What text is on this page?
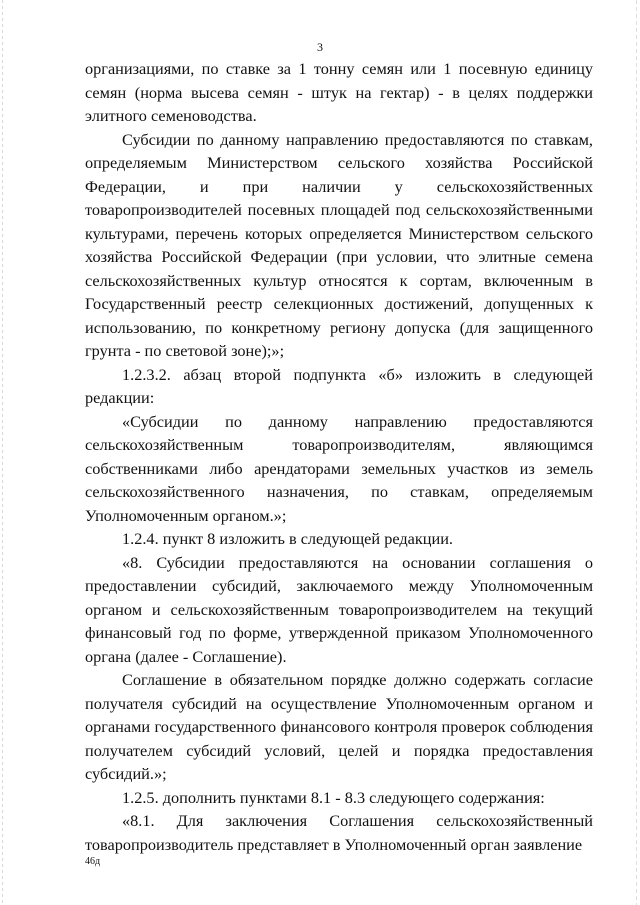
3

организациями, по ставке за 1 тонну семян или 1 посевную единицу семян (норма высева семян - штук на гектар) - в целях поддержки элитного семеноводства.

Субсидии по данному направлению предоставляются по ставкам, определяемым Министерством сельского хозяйства Российской Федерации, и при наличии у сельскохозяйственных товаропроизводителей посевных площадей под сельскохозяйственными культурами, перечень которых определяется Министерством сельского хозяйства Российской Федерации (при условии, что элитные семена сельскохозяйственных культур относятся к сортам, включенным в Государственный реестр селекционных достижений, допущенных к использованию, по конкретному региону допуска (для защищенного грунта - по световой зоне);»;

1.2.3.2. абзац второй подпункта «б» изложить в следующей редакции:

«Субсидии по данному направлению предоставляются сельскохозяйственным товаропроизводителям, являющимся собственниками либо арендаторами земельных участков из земель сельскохозяйственного назначения, по ставкам, определяемым Уполномоченным органом.»;

1.2.4. пункт 8 изложить в следующей редакции.

«8. Субсидии предоставляются на основании соглашения о предоставлении субсидий, заключаемого между Уполномоченным органом и сельскохозяйственным товаропроизводителем на текущий финансовый год по форме, утвержденной приказом Уполномоченного органа (далее - Соглашение).

Соглашение в обязательном порядке должно содержать согласие получателя субсидий на осуществление Уполномоченным органом и органами государственного финансового контроля проверок соблюдения получателем субсидий условий, целей и порядка предоставления субсидий.»;

1.2.5. дополнить пунктами 8.1 - 8.3 следующего содержания:

«8.1. Для заключения Соглашения сельскохозяйственный товаропроизводитель представляет в Уполномоченный орган заявление

46д
